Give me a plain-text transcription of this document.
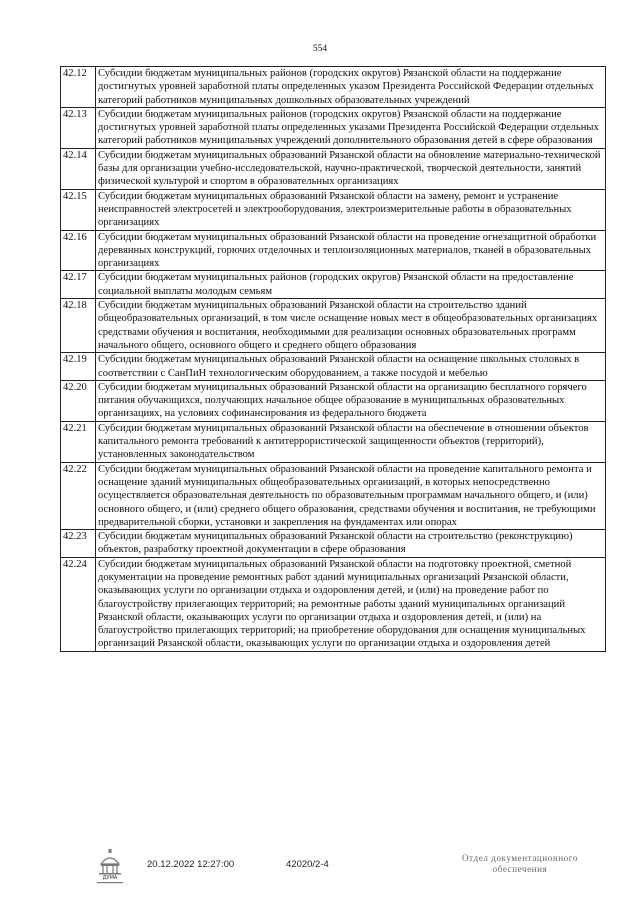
554
42.12	Субсидии бюджетам муниципальных районов (городских округов) Рязанской области на поддержание достигнутых уровней заработной платы определенных указом Президента Российской Федерации отдельных категорий работников муниципальных дошкольных образовательных учреждений
42.13	Субсидии бюджетам муниципальных районов (городских округов) Рязанской области на поддержание достигнутых уровней заработной платы определенных указами Президента Российской Федерации отдельных категорий работников муниципальных учреждений дополнительного образования детей в сфере образования
42.14	Субсидии бюджетам муниципальных образований Рязанской области на обновление материально-технической базы для организации учебно-исследовательской, научно-практической, творческой деятельности, занятий физической культурой и спортом в образовательных организациях
42.15	Субсидии бюджетам муниципальных образований Рязанской области на замену, ремонт и устранение неисправностей электросетей и электрооборудования, электроизмерительные работы в образовательных организациях
42.16	Субсидии бюджетам муниципальных образований Рязанской области на проведение огнезащитной обработки деревянных конструкций, горючих отделочных и теплоизоляционных материалов, тканей в образовательных организациях
42.17	Субсидии бюджетам муниципальных районов (городских округов) Рязанской области на предоставление социальной выплаты молодым семьям
42.18	Субсидии бюджетам муниципальных образований Рязанской области на строительство зданий общеобразовательных организаций, в том числе оснащение новых мест в общеобразовательных организациях средствами обучения и воспитания, необходимыми для реализации основных образовательных программ начального общего, основного общего и среднего общего образования
42.19	Субсидии бюджетам муниципальных образований Рязанской области на оснащение школьных столовых в соответствии с СанПиН технологическим оборудованием, а также посудой и мебелью
42.20	Субсидии бюджетам муниципальных образований Рязанской области на организацию бесплатного горячего питания обучающихся, получающих начальное общее образование в муниципальных образовательных организациях, на условиях софинансирования из федерального бюджета
42.21	Субсидии бюджетам муниципальных образований Рязанской области на обеспечение в отношении объектов капитального ремонта требований к антитеррористической защищенности объектов (территорий), установленных законодательством
42.22	Субсидии бюджетам муниципальных образований Рязанской области на проведение капитального ремонта и оснащение зданий муниципальных общеобразовательных организаций, в которых непосредственно осуществляется образовательная деятельность по образовательным программам начального общего, и (или) основного общего, и (или) среднего общего образования, средствами обучения и воспитания, не требующими предварительной сборки, установки и закрепления на фундаментах или опорах
42.23	Субсидии бюджетам муниципальных образований Рязанской области на строительство (реконструкцию) объектов, разработку проектной документации в сфере образования
42.24	Субсидии бюджетам муниципальных образований Рязанской области на подготовку проектной, сметной документации на проведение ремонтных работ зданий муниципальных организаций Рязанской области, оказывающих услуги по организации отдыха и оздоровления детей, и (или) на проведение работ по благоустройству прилегающих территорий; на ремонтные работы зданий муниципальных организаций Рязанской области, оказывающих услуги по организации отдыха и оздоровления детей, и (или) на благоустройство прилегающих территорий; на приобретение оборудования для оснащения муниципальных организаций Рязанской области, оказывающих услуги по организации отдыха и оздоровления детей
ДУМА
20.12.2022 12:27:00	42020/2-4
Отдел документационного
обеспечения
